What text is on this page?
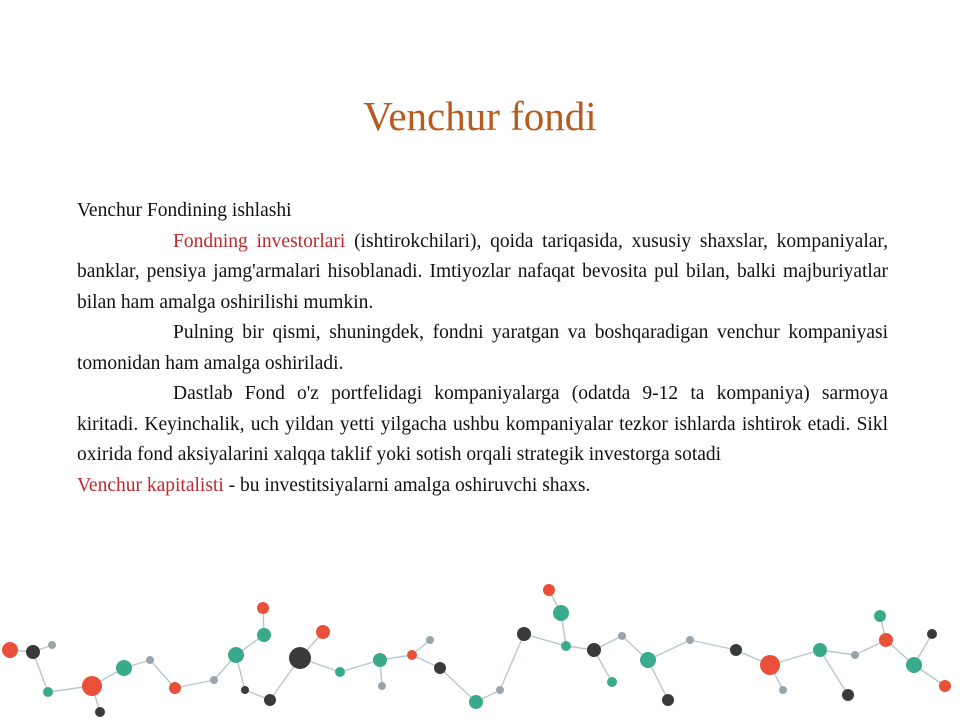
Venchur fondi

Venchur Fondining ishlashi

Fondning investorlari (ishtirokchilari), qoida tariqasida, xususiy shaxslar, kompaniyalar, banklar, pensiya jamg'armalari hisoblanadi. Imtiyozlar nafaqat bevosita pul bilan, balki majburiyatlar bilan ham amalga oshirilishi mumkin.

Pulning bir qismi, shuningdek, fondni yaratgan va boshqaradigan venchur kompaniyasi tomonidan ham amalga oshiriladi.

Dastlab Fond o'z portfelidagi kompaniyalarga (odatda 9-12 ta kompaniya) sarmoya kiritadi. Keyinchalik, uch yildan yetti yilgacha ushbu kompaniyalar tezkor ishlarda ishtirok etadi. Sikl oxirida fond aksiyalarini xalqqa taklif yoki sotish orqali strategik investorga sotadi

Venchur kapitalisti - bu investitsiyalarni amalga oshiruvchi shaxs.
